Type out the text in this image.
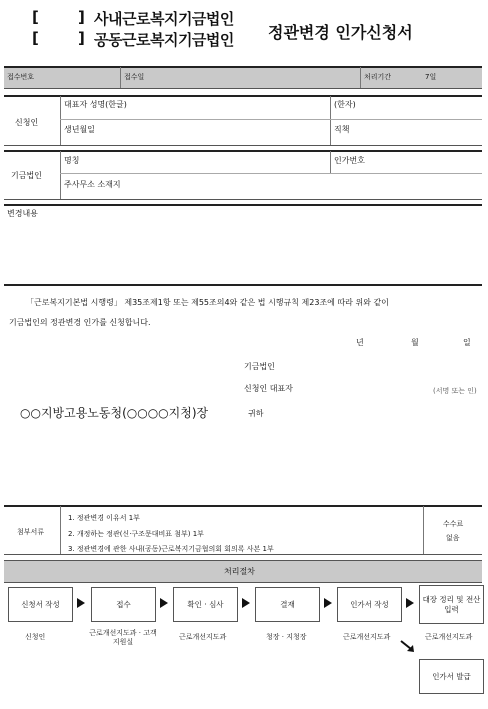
[	] 사내근로복지기금법인
[	] 공동근로복지기금법인 정관변경 인가신청서
접수번호	접수일	처리기간	7일
신청인
대표자 성명(한글)	(한자)
생년월일	직책
기금법인
명칭	인가번호
주사무소 소재지
변경내용
「근로복지기본법 시행령」 제35조제1항 또는 제55조의4와 같은 법 시행규칙 제23조에 따라 위와 같이
기금법인의 정관변경 인가를 신청합니다.
년	월	일
기금법인
신청인 대표자	(서명 또는 인)
○○지방고용노동청(○○○○지청)장	귀하
첨부서류
1. 정관변경 이유서 1부
2. 개정하는 정관(신·구조문대비표 첨부) 1부
3. 정관변경에 관한 사내(공동)근로복지기금협의회 회의록 사본 1부
수수료
없음
처리절차
신청서 작성	접수	확인 · 심사	결재	인가서 작성
대장 정리 및 전산 입력
신청인	근로개선지도과 · 고객지원실
근로개선지도과	청장 · 지청장	근로개선지도과	근로개선지도과
인가서 발급
